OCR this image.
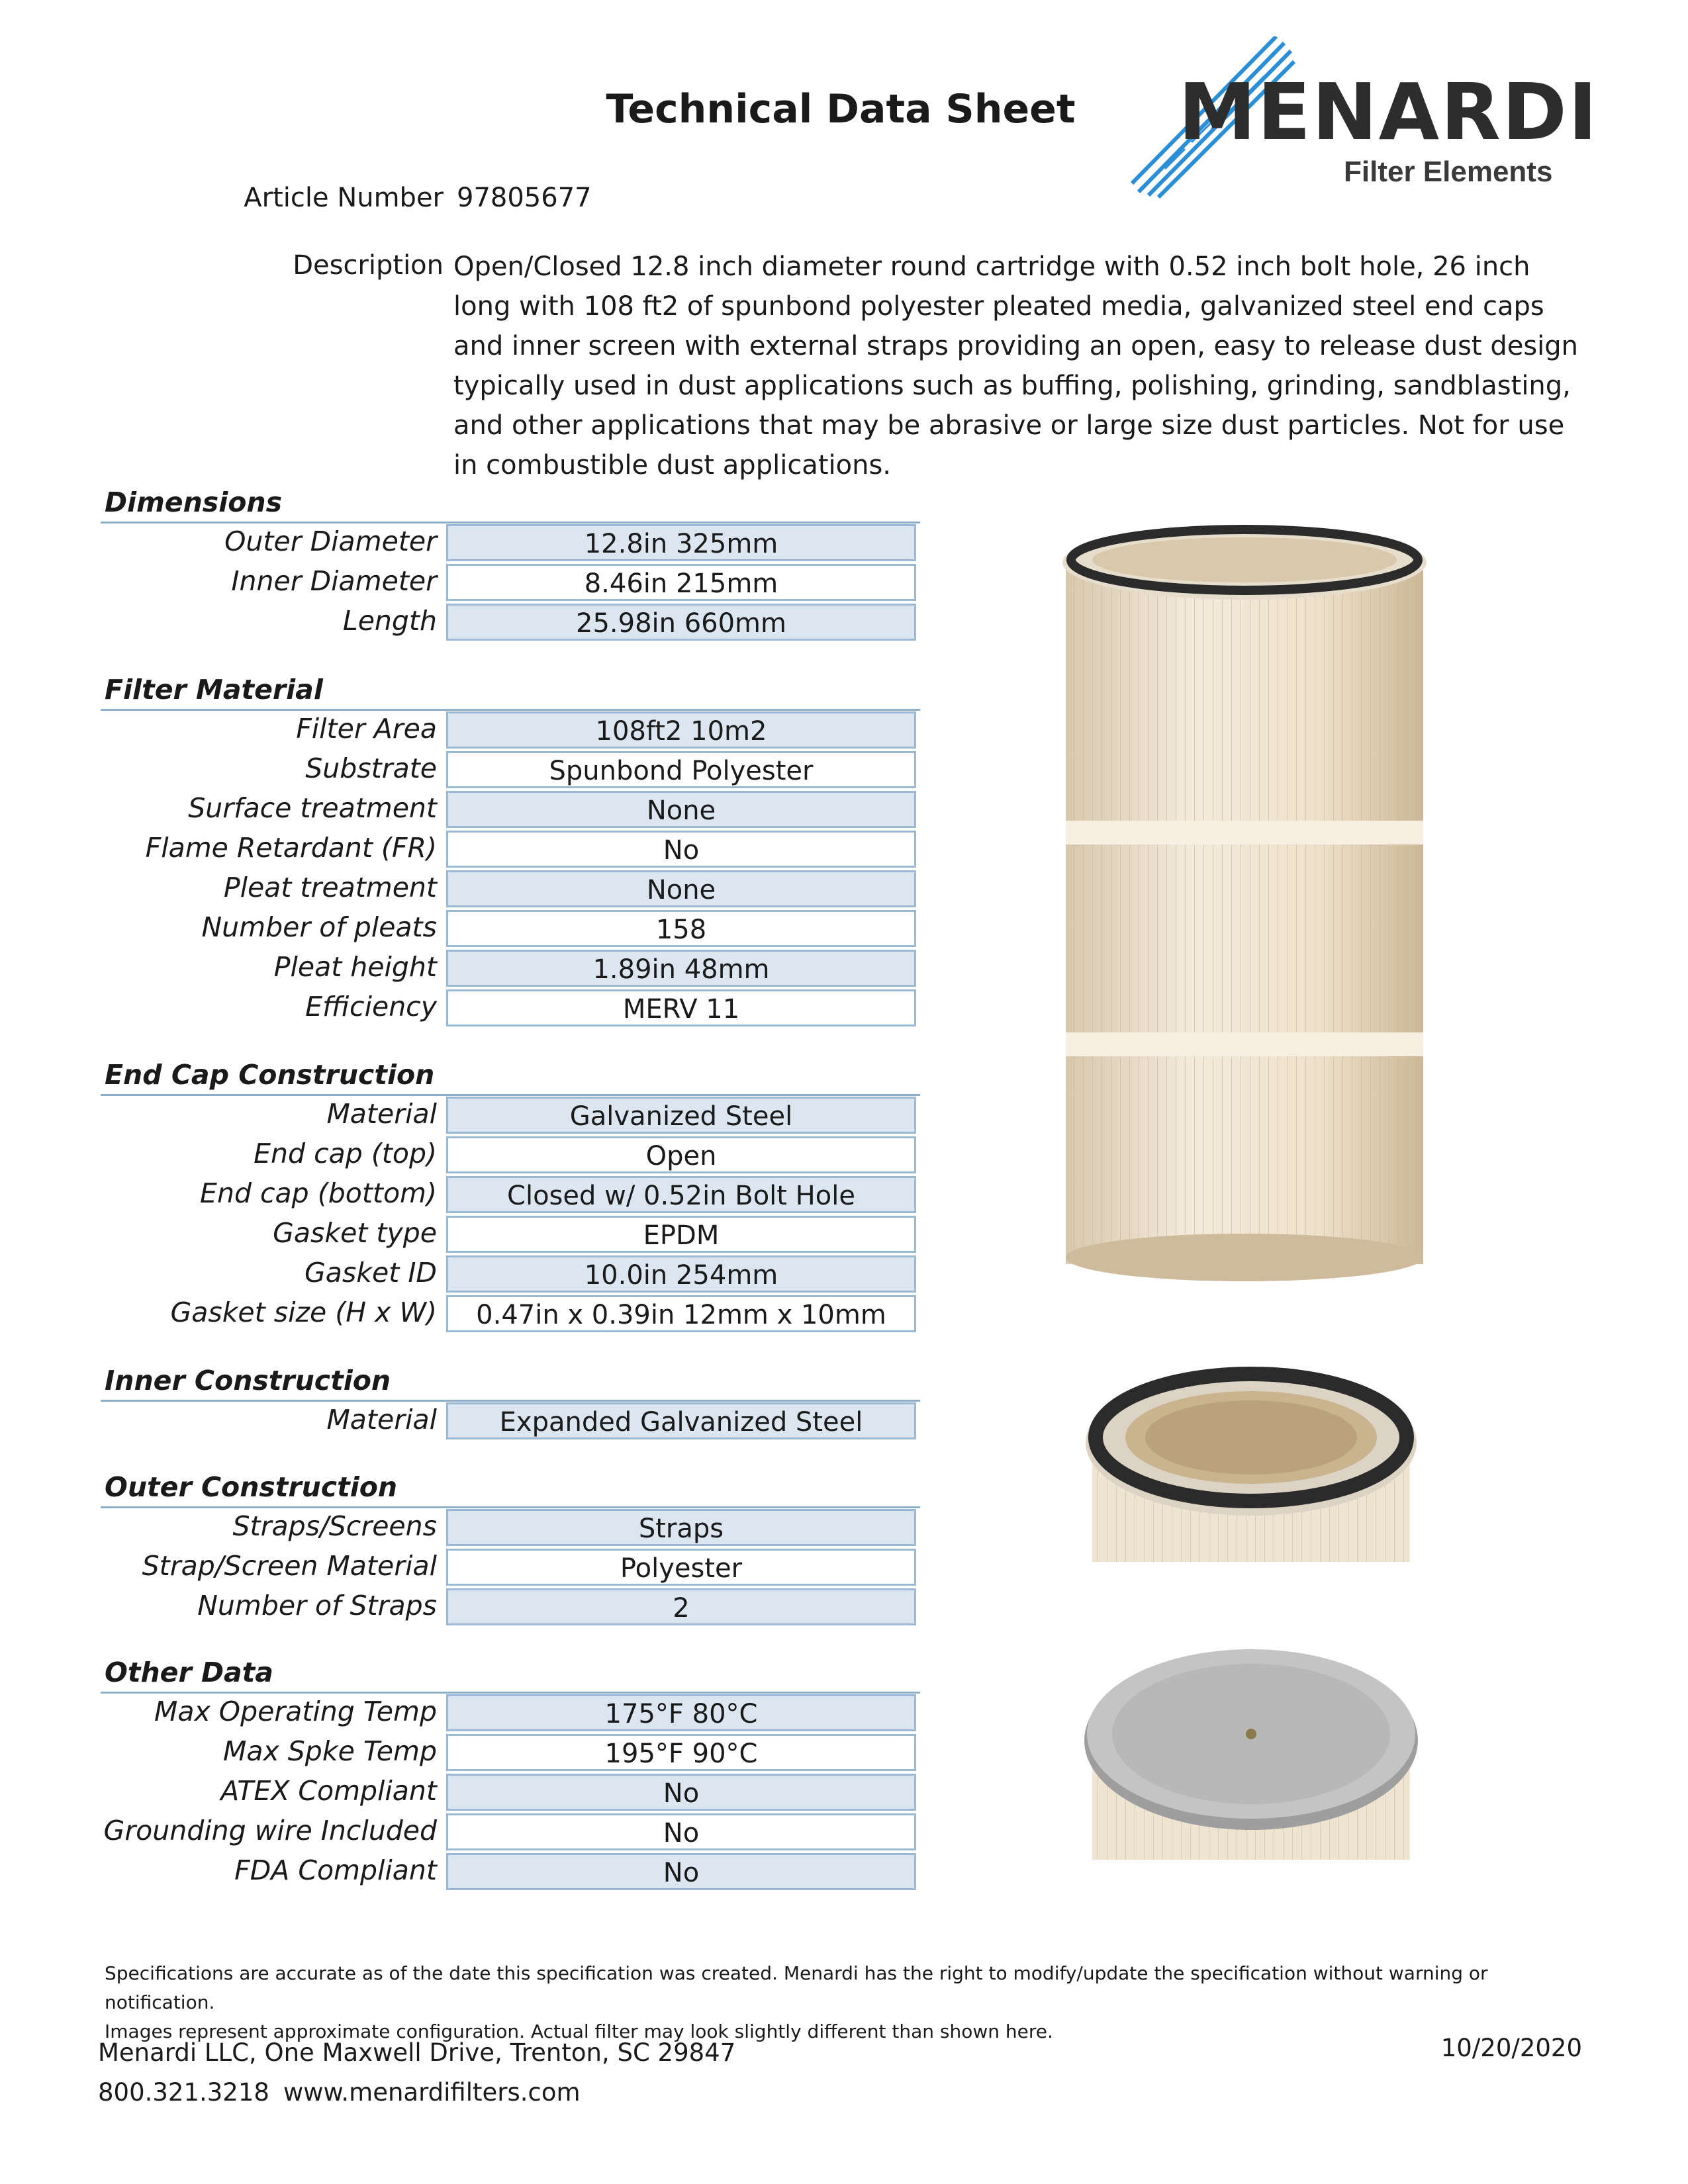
Technical Data Sheet	MENARDI
Filter Elements
Article Number 97805677
Description Open/Closed 12.8 inch diameter round cartridge with 0.52 inch bolt hole, 26 inch long with 108 ft2 of spunbond polyester pleated media, galvanized steel end caps and inner screen with external straps providing an open, easy to release dust design typically used in dust applications such as buffing, polishing, grinding, sandblasting, and other applications that may be abrasive or large size dust particles. Not for use in combustible dust applications.
Dimensions
Outer Diameter	12.8in 325mm
Inner Diameter	8.46in 215mm
Length	25.98in 660mm
Filter Material
Filter Area	108ft2 10m2
Substrate	Spunbond Polyester
Surface treatment	None
Flame Retardant (FR)	No
Pleat treatment	None
Number of pleats	158
Pleat height	1.89in 48mm
Efficiency	MERV 11
End Cap Construction
Material	Galvanized Steel
End cap (top)	Open
End cap (bottom)	Closed w/ 0.52in Bolt Hole
Gasket type	EPDM
Gasket ID	10.0in 254mm
Gasket size (H x W)	0.47in x 0.39in 12mm x 10mm
Inner Construction
Material	Expanded Galvanized Steel
Outer Construction
Straps/Screens	Straps
Strap/Screen Material	Polyester
Number of Straps	2
Other Data
Max Operating Temp	175°F 80°C
Max Spke Temp	195°F 90°C
ATEX Compliant	No
Grounding wire Included	No
FDA Compliant	No
Specifications are accurate as of the date this specification was created. Menardi has the right to modify/update the specification without warning or notification.
Images represent approximate configuration. Actual filter may look slightly different than shown here.
Menardi LLC, One Maxwell Drive, Trenton, SC 29847
800.321.3218 www.menardifilters.com
10/20/2020
